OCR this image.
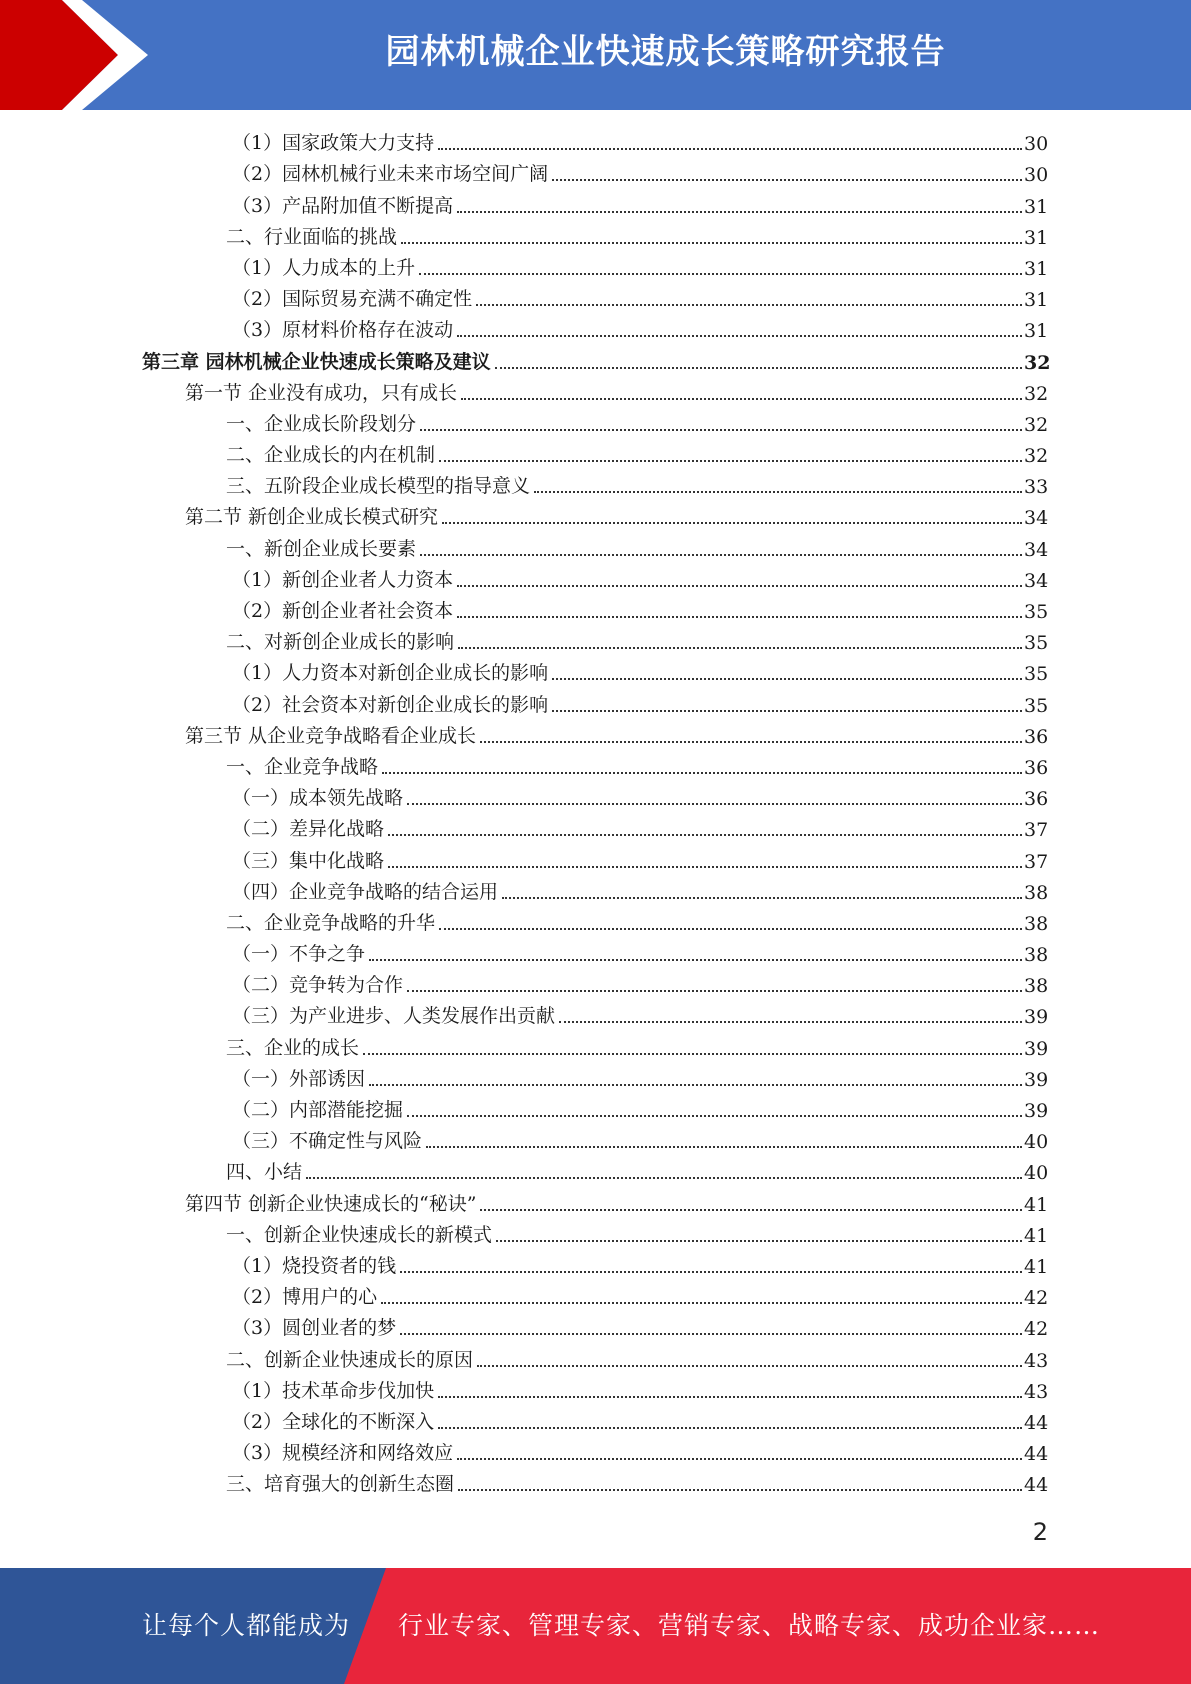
园林机械企业快速成长策略研究报告
（1）国家政策大力支持	30
（2）园林机械行业未来市场空间广阔	30
（3）产品附加值不断提高	31
二、行业面临的挑战	31
（1）人力成本的上升	31
（2）国际贸易充满不确定性	31
（3）原材料价格存在波动	31
第三章 园林机械企业快速成长策略及建议	32
第一节 企业没有成功，只有成长	32
一、企业成长阶段划分	32
二、企业成长的内在机制	32
三、五阶段企业成长模型的指导意义	33
第二节 新创企业成长模式研究	34
一、新创企业成长要素	34
（1）新创企业者人力资本	34
（2）新创企业者社会资本	35
二、对新创企业成长的影响	35
（1）人力资本对新创企业成长的影响	35
（2）社会资本对新创企业成长的影响	35
第三节 从企业竞争战略看企业成长	36
一、企业竞争战略	36
（一）成本领先战略	36
（二）差异化战略	37
（三）集中化战略	37
（四）企业竞争战略的结合运用	38
二、企业竞争战略的升华	38
（一）不争之争	38
（二）竞争转为合作	38
（三）为产业进步、人类发展作出贡献	39
三、企业的成长	39
（一）外部诱因	39
（二）内部潜能挖掘	39
（三）不确定性与风险	40
四、小结	40
第四节 创新企业快速成长的“秘诀”	41
一、创新企业快速成长的新模式	41
（1）烧投资者的钱	41
（2）博用户的心	42
（3）圆创业者的梦	42
二、创新企业快速成长的原因	43
（1）技术革命步伐加快	43
（2）全球化的不断深入	44
（3）规模经济和网络效应	44
三、培育强大的创新生态圈	44
2
让每个人都能成为 行业专家、管理专家、营销专家、战略专家、成功企业家……
